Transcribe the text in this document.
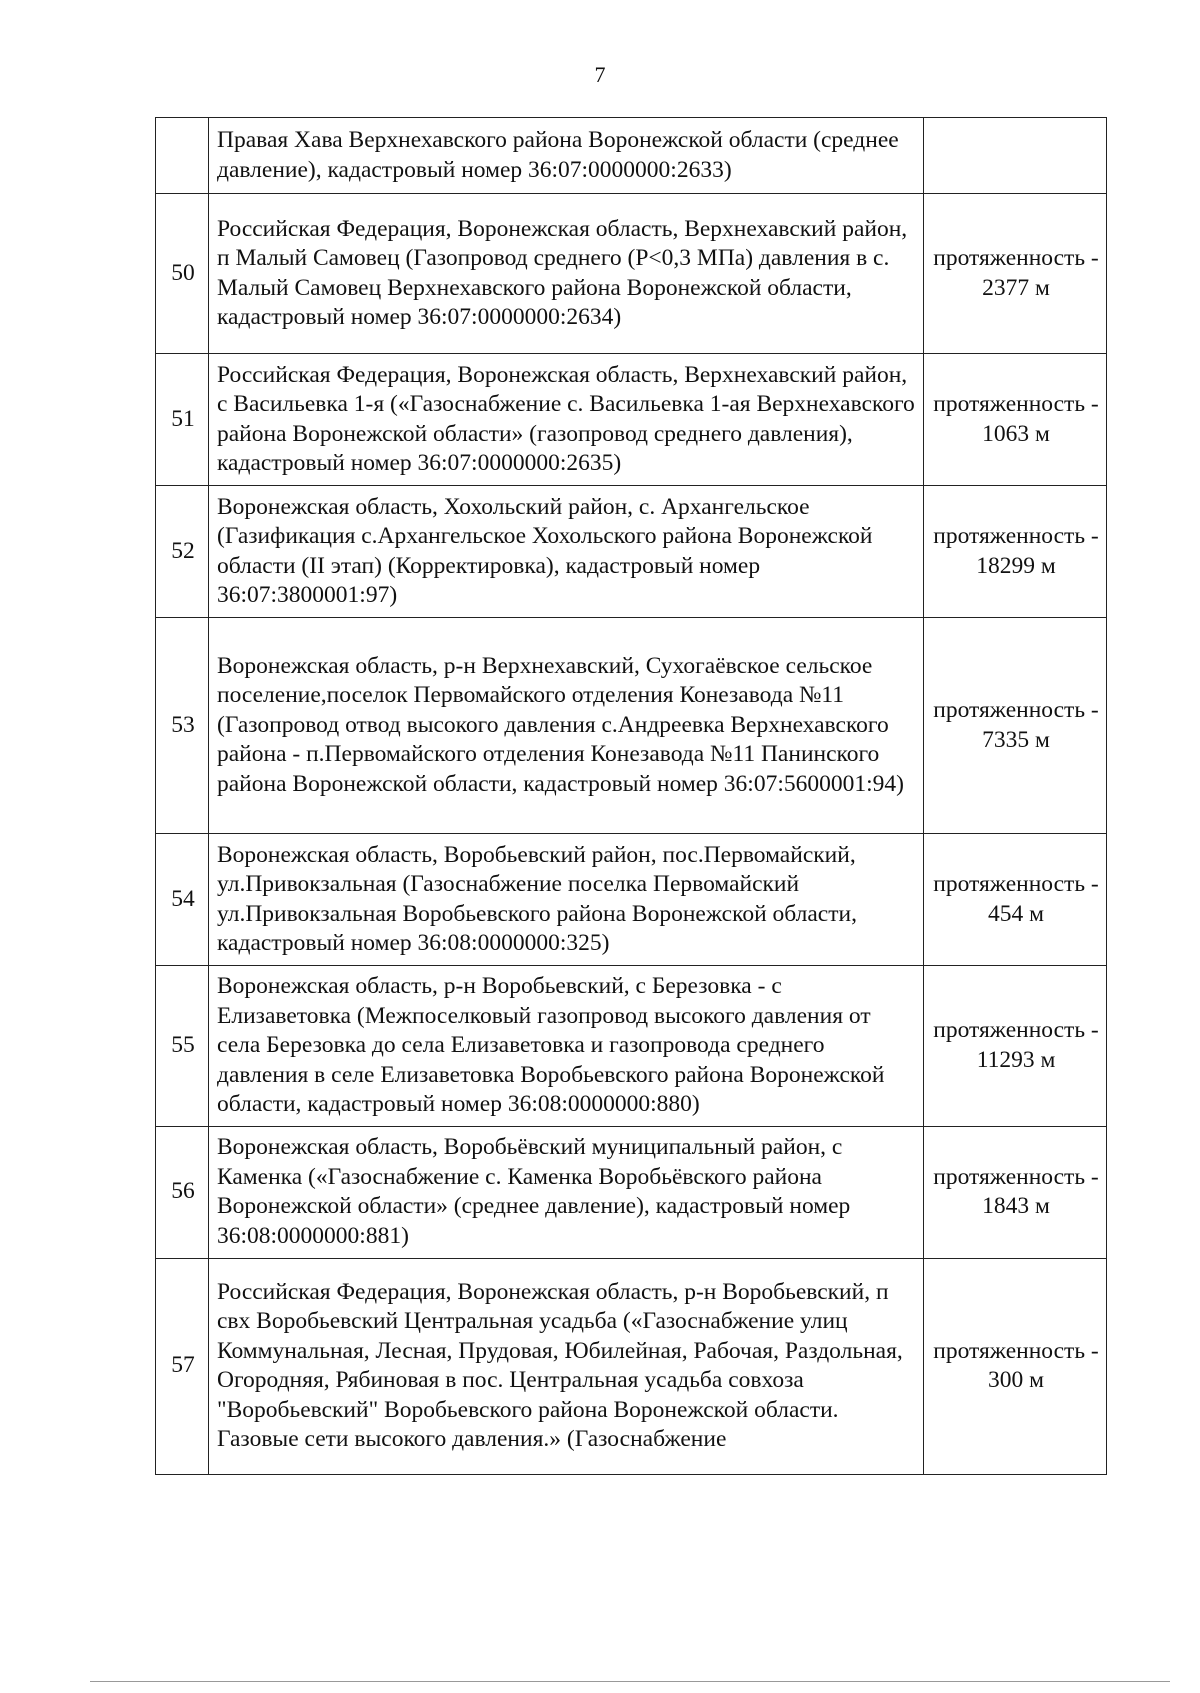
7
	Правая Хава Верхнехавского района Воронежской области (среднее давление), кадастровый номер 36:07:0000000:2633)	
50	Российская Федерация, Воронежская область, Верхнехавский район, п Малый Самовец (Газопровод среднего (Р<0,3 МПа) давления в с. Малый Самовец Верхнехавского района Воронежской области, кадастровый номер 36:07:0000000:2634)	протяженность - 2377 м
51	Российская Федерация, Воронежская область, Верхнехавский район, с Васильевка 1-я («Газоснабжение с. Васильевка 1-ая Верхнехавского района Воронежской области» (газопровод среднего давления), кадастровый номер 36:07:0000000:2635)	протяженность - 1063 м
52	Воронежская область, Хохольский район, с. Архангельское (Газификация с.Архангельское Хохольского района Воронежской области (II этап) (Корректировка), кадастровый номер 36:07:3800001:97)	протяженность - 18299 м
53	Воронежская область, р-н Верхнехавский, Сухогаёвское сельское поселение,поселок Первомайского отделения Конезавода №11 (Газопровод отвод высокого давления с.Андреевка Верхнехавского района - п.Первомайского отделения Конезавода №11 Панинского района Воронежской области, кадастровый номер 36:07:5600001:94)	протяженность - 7335 м
54	Воронежская область, Воробьевский район, пос.Первомайский, ул.Привокзальная (Газоснабжение поселка Первомайский ул.Привокзальная Воробьевского района Воронежской области, кадастровый номер 36:08:0000000:325)	протяженность - 454 м
55	Воронежская область, р-н Воробьевский, с Березовка - с Елизаветовка (Межпоселковый газопровод высокого давления от села Березовка до села Елизаветовка и газопровода среднего давления в селе Елизаветовка Воробьевского района Воронежской области, кадастровый номер 36:08:0000000:880)	протяженность - 11293 м
56	Воронежская область, Воробьёвский муниципальный район, с Каменка («Газоснабжение с. Каменка Воробьёвского района Воронежской области» (среднее давление), кадастровый номер 36:08:0000000:881)	протяженность - 1843 м
57	Российская Федерация, Воронежская область, р-н Воробьевский, п свх Воробьевский Центральная усадьба («Газоснабжение улиц Коммунальная, Лесная, Прудовая, Юбилейная, Рабочая, Раздольная, Огородняя, Рябиновая в пос. Центральная усадьба совхоза "Воробьевский" Воробьевского района Воронежской области. Газовые сети высокого давления.» (Газоснабжение	протяженность - 300 м
